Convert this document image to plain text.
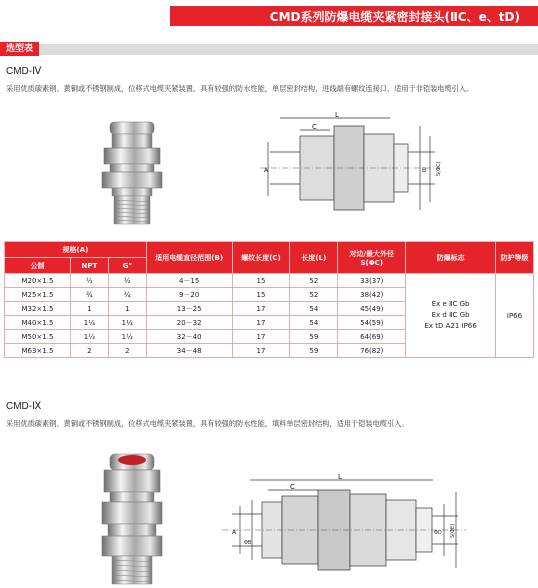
CMD系列防爆电缆夹紧密封接头(ⅡC、e、tD)
选型表
CMD-Ⅳ
采用优质碳素钢、黄铜或不锈钢制成，位移式电缆夹紧装置，具有较强的防水性能，单层密封结构，进线端有螺纹连接口，适用于非铠装电缆引入。
L
C
A	B S(ΦC)
规格(A)			适用电缆直径范围(B)	螺纹长度(C)	长度(L)	对边/最大外径S(ΦC)	防爆标志	防护等级
公制	NPT	G"						
M20×1.5	½	½	4－15	15	52	33(37)	Ex e ⅡC Gb
Ex d ⅡC Gb
Ex tD A21 IP66	IP66
M25×1.5	¾	¾	9－20	15	52	38(42)		
M32×1.5	1	1	13－25	17	54	45(49)		
M40×1.5	1¼	1¼	20－32	17	54	54(59)		
M50×1.5	1½	1½	32－40	17	59	64(69)		
M63×1.5	2	2	34－48	17	59	76(82)		
CMD-Ⅸ
采用优质碳素钢、黄铜或不锈钢制成，位移式电缆夹紧装置，具有较强的防水性能，填料单层密封结构，适用于铠装电缆引入。
L
C
A
ΦB
ΦD S(ΦE)
